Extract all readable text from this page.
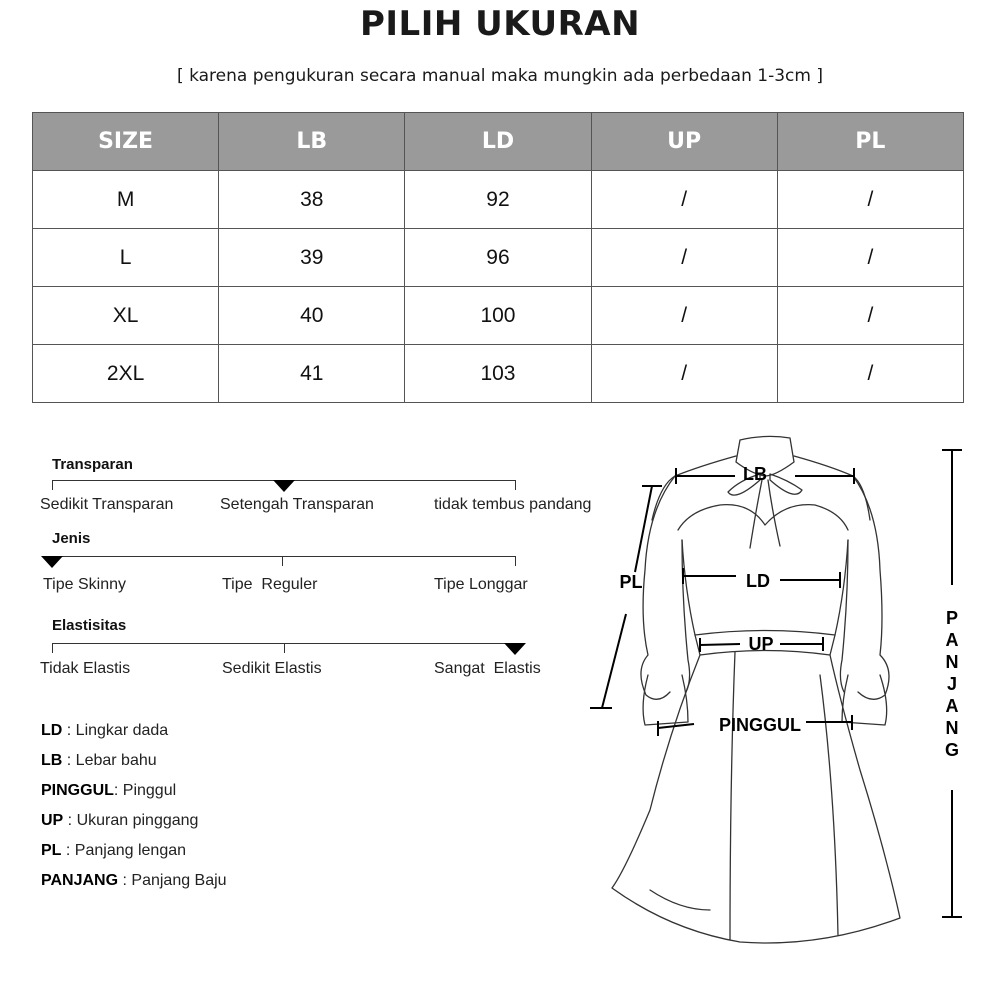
PILIH UKURAN
[ karena pengukuran secara manual maka mungkin ada perbedaan 1-3cm ]
SIZE	LB	LD	UP	PL
M	38	92	/	/
L	39	96	/	/
XL	40	100	/	/
2XL	41	103	/	/
Transparan
Sedikit Transparan	Setengah Transparan	tidak tembus pandang
Jenis
Tipe Skinny	Tipe  Reguler	Tipe Longgar
Elastisitas
Tidak Elastis	Sedikit Elastis	Sangat  Elastis
LD : Lingkar dada
LB : Lebar bahu
PINGGUL: Pinggul
UP : Ukuran pinggang
PL : Panjang lengan
PANJANG : Panjang Baju
LB
LD
UP
PINGGUL
PL
P
A
N
J
A
N
G
